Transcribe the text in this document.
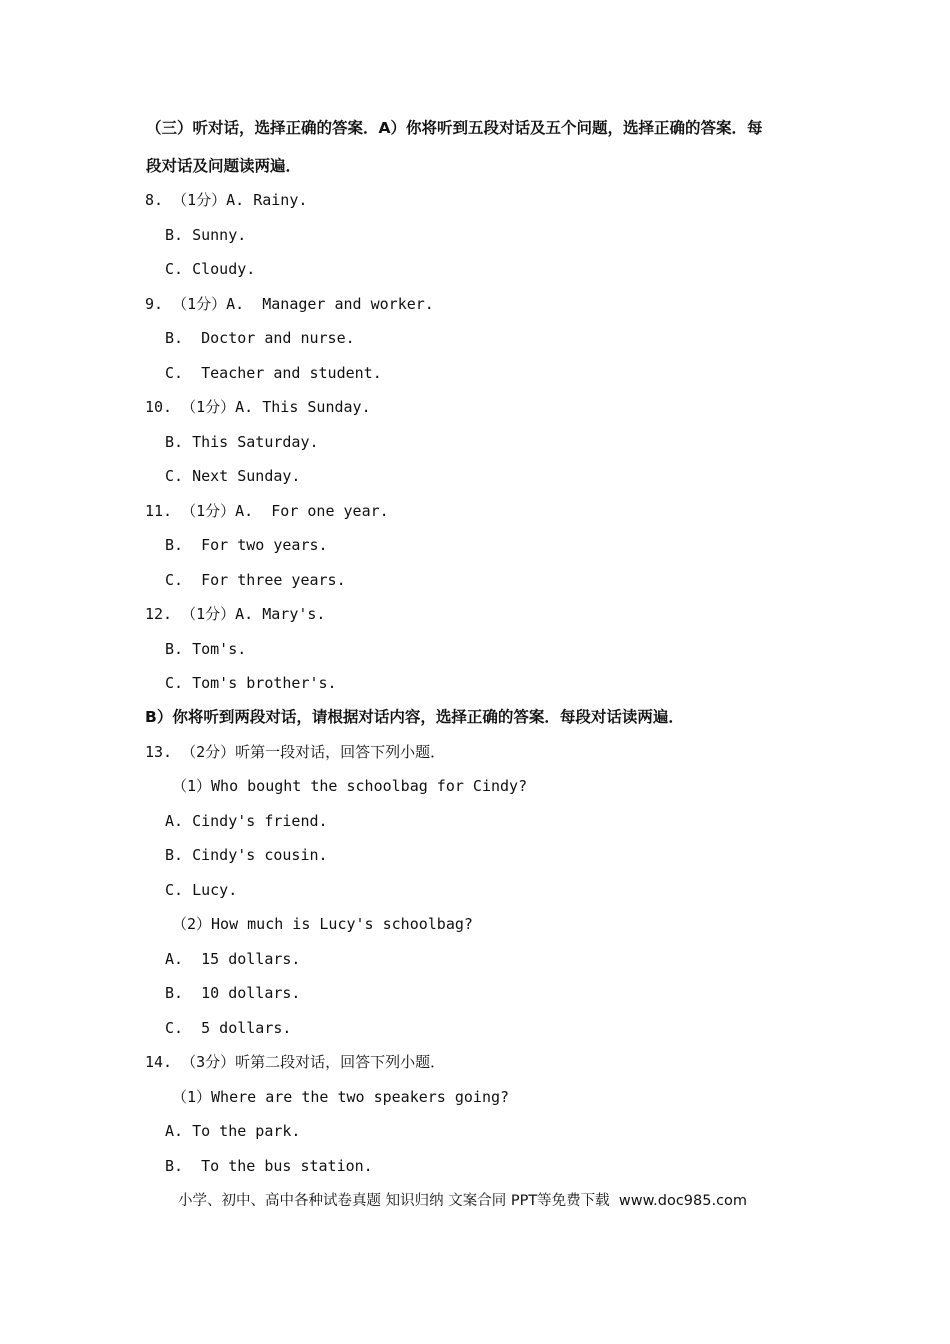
（三）听对话，选择正确的答案．A）你将听到五段对话及五个问题，选择正确的答案．每
段对话及问题读两遍．
8. （1分）A. Rainy.
B. Sunny.
C. Cloudy.
9. （1分）A.  Manager and worker.
B.  Doctor and nurse.
C.  Teacher and student.
10. （1分）A. This Sunday.
B. This Saturday.
C. Next Sunday.
11. （1分）A.  For one year.
B.  For two years.
C.  For three years.
12. （1分）A. Mary's.
B. Tom's.
C. Tom's brother's.
B）你将听到两段对话，请根据对话内容，选择正确的答案．每段对话读两遍．
13. （2分）听第一段对话，回答下列小题．
（1）Who bought the schoolbag for Cindy?
A. Cindy's friend.
B. Cindy's cousin.
C. Lucy.
（2）How much is Lucy's schoolbag?
A.  15 dollars.
B.  10 dollars.
C.  5 dollars.
14. （3分）听第二段对话，回答下列小题．
（1）Where are the two speakers going?
A. To the park.
B.  To the bus station.
小学、初中、高中各种试卷真题 知识归纳 文案合同 PPT等免费下载  www.doc985.com
